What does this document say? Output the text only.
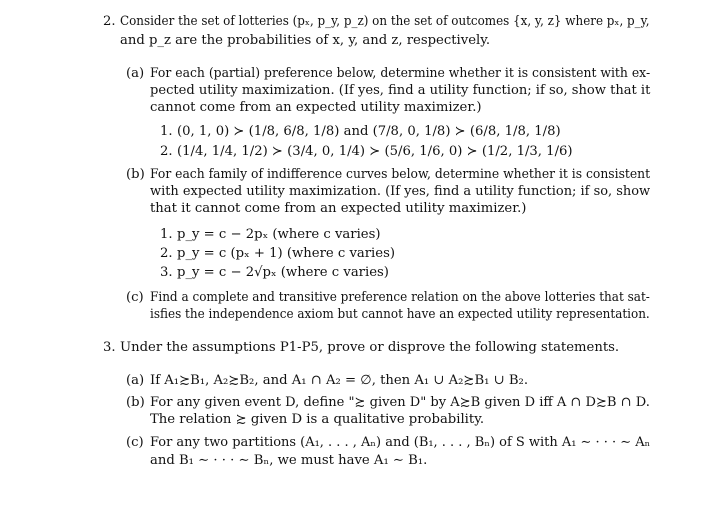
2. Consider the set of lotteries (pₓ, p_y, p_z) on the set of outcomes {x, y, z} where pₓ, p_y,
and p_z are the probabilities of x, y, and z, respectively.
(a) For each (partial) preference below, determine whether it is consistent with ex-
pected utility maximization. (If yes, find a utility function; if so, show that it
cannot come from an expected utility maximizer.)
1. (0, 1, 0) ≻ (1/8, 6/8, 1/8) and (7/8, 0, 1/8) ≻ (6/8, 1/8, 1/8)
2. (1/4, 1/4, 1/2) ≻ (3/4, 0, 1/4) ≻ (5/6, 1/6, 0) ≻ (1/2, 1/3, 1/6)
(b) For each family of indifference curves below, determine whether it is consistent
with expected utility maximization. (If yes, find a utility function; if so, show
that it cannot come from an expected utility maximizer.)
1. p_y = c − 2pₓ (where c varies)
2. p_y = c (pₓ + 1) (where c varies)
3. p_y = c − 2√pₓ (where c varies)
(c) Find a complete and transitive preference relation on the above lotteries that sat-
isfies the independence axiom but cannot have an expected utility representation.
3. Under the assumptions P1-P5, prove or disprove the following statements.
(a) If A₁≿B₁, A₂≿B₂, and A₁ ∩ A₂ = ∅, then A₁ ∪ A₂≿B₁ ∪ B₂.
(b) For any given event D, define "≿ given D" by A≿B given D iff A ∩ D≿B ∩ D.
The relation ≿ given D is a qualitative probability.
(c) For any two partitions (A₁, . . . , Aₙ) and (B₁, . . . , Bₙ) of S with A₁ ∼ · · · ∼ Aₙ
and B₁ ∼ · · · ∼ Bₙ, we must have A₁ ∼ B₁.
